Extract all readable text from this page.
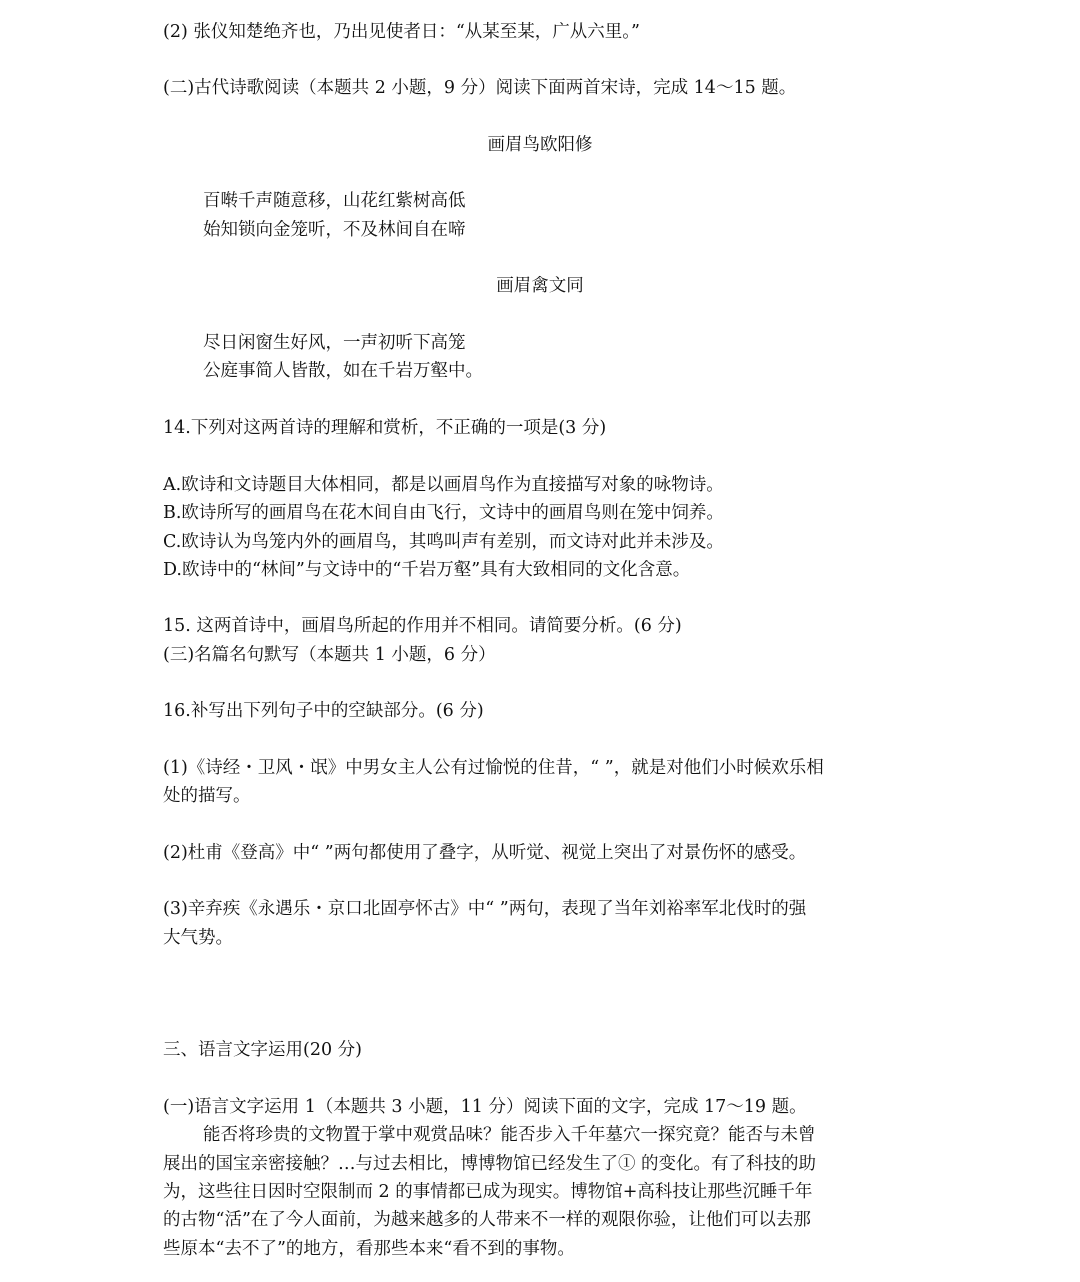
(2) 张仪知楚绝齐也，乃出见使者日：“从某至某，广从六里。”
(二)古代诗歌阅读（本题共 2 小题，9 分）阅读下面两首宋诗，完成 14～15 题。
画眉鸟欧阳修
百啭千声随意移，山花红紫树高低
始知锁向金笼听，不及林间自在啼
画眉禽文同
尽日闲窗生好风，一声初听下高笼
公庭事简人皆散，如在千岩万壑中。
14.下列对这两首诗的理解和赏析，不正确的一项是(3 分)
A.欧诗和文诗题目大体相同，都是以画眉鸟作为直接描写对象的咏物诗。
B.欧诗所写的画眉鸟在花木间自由飞行，文诗中的画眉鸟则在笼中饲养。
C.欧诗认为鸟笼内外的画眉鸟，其鸣叫声有差别，而文诗对此并未涉及。
D.欧诗中的“林间”与文诗中的“千岩万壑”具有大致相同的文化含意。
15. 这两首诗中，画眉鸟所起的作用并不相同。请简要分析。(6 分)
(三)名篇名句默写（本题共 1 小题，6 分）
16.补写出下列句子中的空缺部分。(6 分)
(1)《诗经・卫风・氓》中男女主人公有过愉悦的住昔，“ ”，就是对他们小时候欢乐相
处的描写。
(2)杜甫《登高》中“ ”两句都使用了叠字，从听觉、视觉上突出了对景伤怀的感受。
(3)辛弃疾《永遇乐・京口北固亭怀古》中“ ”两句，表现了当年刘裕率军北伐时的强
大气势。
三、语言文字运用(20 分)
(一)语言文字运用 1（本题共 3 小题，11 分）阅读下面的文字，完成 17～19 题。
能否将珍贵的文物置于掌中观赏品味？能否步入千年墓穴一探究竟？能否与未曾
展出的国宝亲密接触？…与过去相比，博博物馆已经发生了① 的变化。有了科技的助
为，这些往日因时空限制而 2 的事情都已成为现实。博物馆+高科技让那些沉睡千年
的古物“活”在了今人面前，为越来越多的人带来不一样的观限你验，让他们可以去那
些原本“去不了”的地方，看那些本来“看不到的事物。
